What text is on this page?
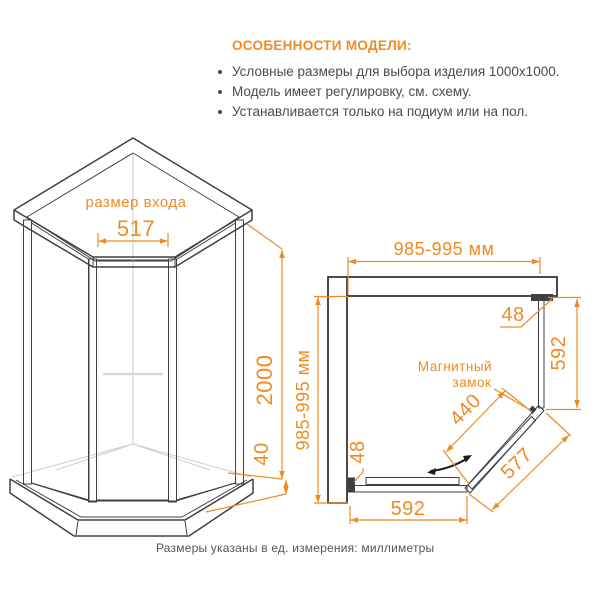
ОСОБЕННОСТИ МОДЕЛИ:
Условные размеры для выбора изделия 1000x1000.
Модель имеет регулировку, см. схему.
Устанавливается только на подиум или на пол.
размер входа
517
2000
40
985-995 мм
985-995 мм	592
48
Магнитный
замок
440
577
48
592
Размеры указаны в ед. измерения: миллиметры
